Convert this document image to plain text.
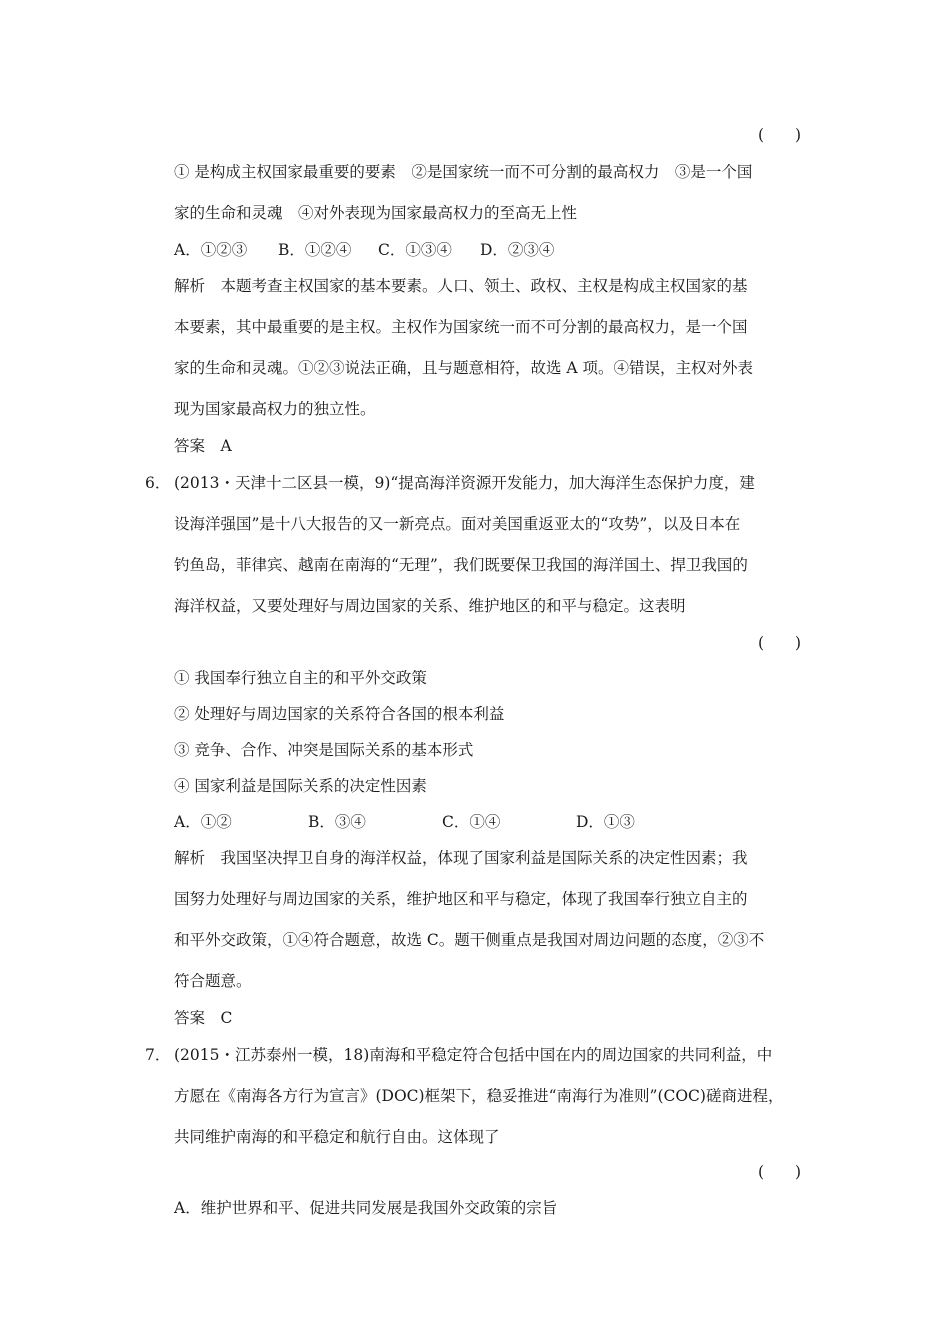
(　　)
① 是构成主权国家最重要的要素　②是国家统一而不可分割的最高权力　③是一个国
家的生命和灵魂　④对外表现为国家最高权力的至高无上性
A．①②③ B．①②④ C．①③④ D．②③④
解析　本题考查主权国家的基本要素。人口、领土、政权、主权是构成主权国家的基
本要素，其中最重要的是主权。主权作为国家统一而不可分割的最高权力，是一个国
家的生命和灵魂。①②③说法正确，且与题意相符，故选 A 项。④错误，主权对外表
现为国家最高权力的独立性。
答案　A
6． (2013・天津十二区县一模，9)“提高海洋资源开发能力，加大海洋生态保护力度，建
设海洋强国”是十八大报告的又一新亮点。面对美国重返亚太的“攻势”，以及日本在
钓鱼岛，菲律宾、越南在南海的“无理”，我们既要保卫我国的海洋国土、捍卫我国的
海洋权益，又要处理好与周边国家的关系、维护地区的和平与稳定。这表明
(　　)
① 我国奉行独立自主的和平外交政策
② 处理好与周边国家的关系符合各国的根本利益
③ 竞争、合作、冲突是国际关系的基本形式
④ 国家利益是国际关系的决定性因素
A．①②	B．③④	C．①④	D．①③
解析　我国坚决捍卫自身的海洋权益，体现了国家利益是国际关系的决定性因素；我
国努力处理好与周边国家的关系，维护地区和平与稳定，体现了我国奉行独立自主的
和平外交政策，①④符合题意，故选 C。题干侧重点是我国对周边问题的态度，②③不
符合题意。
答案　C
7． (2015・江苏泰州一模，18)南海和平稳定符合包括中国在内的周边国家的共同利益，中
方愿在《南海各方行为宣言》(DOC)框架下，稳妥推进“南海行为准则”(COC)磋商进程，
共同维护南海的和平稳定和航行自由。这体现了
(　　)
A．维护世界和平、促进共同发展是我国外交政策的宗旨
